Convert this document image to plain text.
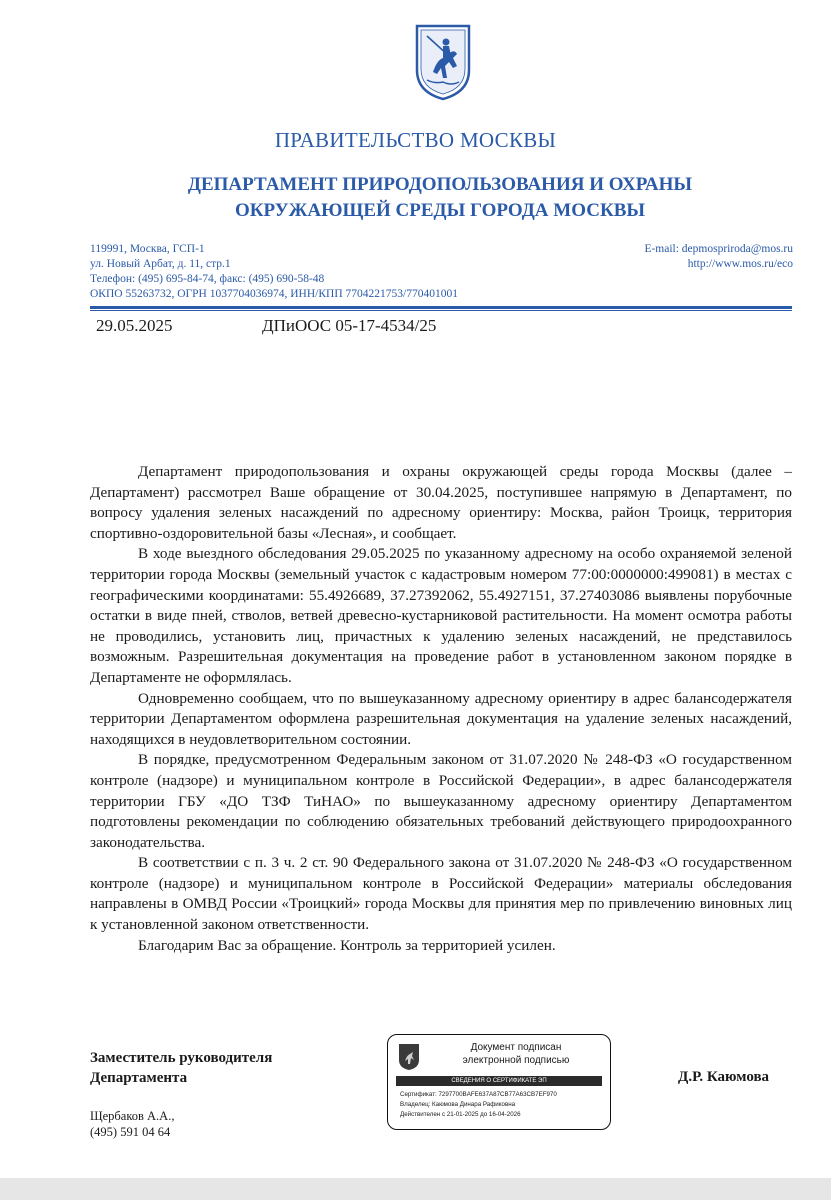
ПРАВИТЕЛЬСТВО МОСКВЫ
ДЕПАРТАМЕНТ ПРИРОДОПОЛЬЗОВАНИЯ И ОХРАНЫ
ОКРУЖАЮЩЕЙ СРЕДЫ ГОРОДА МОСКВЫ
119991, Москва, ГСП-1
ул. Новый Арбат, д. 11, стр.1
Телефон: (495) 695-84-74, факс: (495) 690-58-48
ОКПО 55263732, ОГРН 1037704036974, ИНН/КПП 7704221753/770401001
E-mail: depmospriroda@mos.ru
http://www.mos.ru/eco
29.05.2025	ДПиООС 05-17-4534/25

Департамент природопользования и охраны окружающей среды города Москвы (далее – Департамент) рассмотрел Ваше обращение от 30.04.2025, поступившее напрямую в Департамент, по вопросу удаления зеленых насаждений по адресному ориентиру: Москва, район Троицк, территория спортивно-оздоровительной базы «Лесная», и сообщает.

В ходе выездного обследования 29.05.2025 по указанному адресному на особо охраняемой зеленой территории города Москвы (земельный участок с кадастровым номером 77:00:0000000:499081) в местах с географическими координатами: 55.4926689, 37.27392062, 55.4927151, 37.27403086 выявлены порубочные остатки в виде пней, стволов, ветвей древесно-кустарниковой растительности. На момент осмотра работы не проводились, установить лиц, причастных к удалению зеленых насаждений, не представилось возможным. Разрешительная документация на проведение работ в установленном законом порядке в Департаменте не оформлялась.

Одновременно сообщаем, что по вышеуказанному адресному ориентиру в адрес балансодержателя территории Департаментом оформлена разрешительная документация на удаление зеленых насаждений, находящихся в неудовлетворительном состоянии.

В порядке, предусмотренном Федеральным законом от 31.07.2020 № 248-ФЗ «О государственном контроле (надзоре) и муниципальном контроле в Российской Федерации», в адрес балансодержателя территории ГБУ «ДО ТЗФ ТиНАО» по вышеуказанному адресному ориентиру Департаментом подготовлены рекомендации по соблюдению обязательных требований действующего природоохранного законодательства.

В соответствии с п. 3 ч. 2 ст. 90 Федерального закона от 31.07.2020 № 248-ФЗ «О государственном контроле (надзоре) и муниципальном контроле в Российской Федерации» материалы обследования направлены в ОМВД России «Троицкий» города Москвы для принятия мер по привлечению виновных лиц к установленной законом ответственности.

Благодарим Вас за обращение. Контроль за территорией усилен.

Заместитель руководителя
Департамента
Документ подписан
электронной подписью
СВЕДЕНИЯ О СЕРТИФИКАТЕ ЭП
Сертификат: 7297700BAFE637A87CB77A63CB7EF970
Владелец: Каюмова Динара Рафиковна
Действителен с 21-01-2025 до 16-04-2026
Д.Р. Каюмова
Щербаков А.А.,
(495) 591 04 64
